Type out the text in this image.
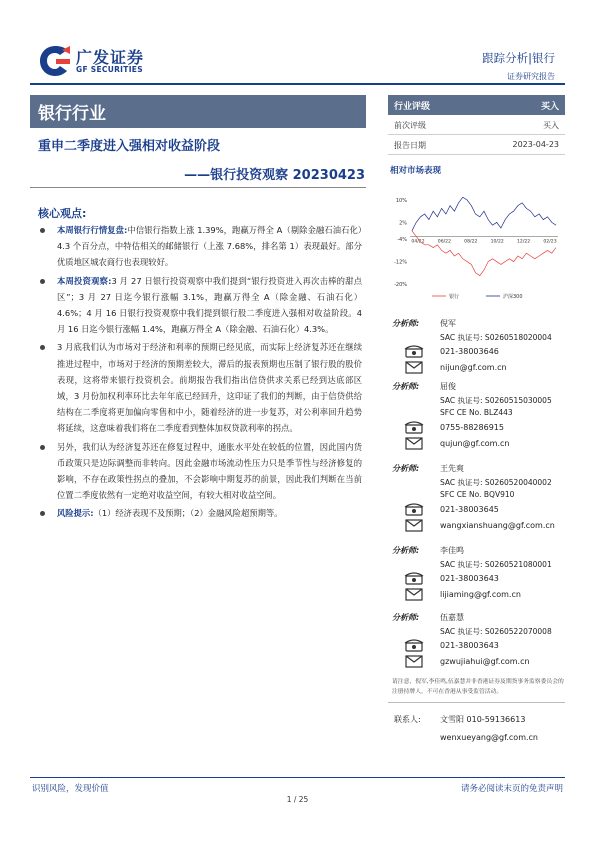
广发证券
GF SECURITIES
跟踪分析|银行
证券研究报告
银行行业
重申二季度进入强相对收益阶段
——银行投资观察 20230423
核心观点:
本周银行行情复盘:中信银行指数上涨 1.39%，跑赢万得全 A（剔除金融石油石化）4.3 个百分点，中特估相关的邮储银行（上涨 7.68%，排名第 1）表现最好。部分优质地区城农商行也表现较好。
本周投资观察:3 月 27 日银行投资观察中我们提到“银行投资进入再次击棒的甜点区”；3 月 27 日迄今银行涨幅 3.1%，跑赢万得全 A（除金融、石油石化）4.6%；4 月 16 日银行投资观察中我们提到银行股二季度进入强相对收益阶段。4 月 16 日迄今银行涨幅 1.4%，跑赢万得全 A（除金融、石油石化）4.3%。
3 月底我们认为市场对于经济和利率的预期已经见底，而实际上经济复苏还在继续推进过程中，市场对于经济的预期差较大，滞后的报表预期也压制了银行股的股价表现，这将带来银行投资机会。前期报告我们指出信贷供求关系已经到达底部区域，3 月份加权利率环比去年年底已经回升，这印证了我们的判断，由于信贷供给结构在二季度将更加偏向零售和中小，随着经济的进一步复苏，对公利率回升趋势将延续，这意味着我们将在二季度看到整体加权贷款利率的拐点。
另外，我们认为经济复苏还在修复过程中，通胀水平处在较低的位置，因此国内货币政策只是边际调整而非转向。因此金融市场流动性压力只是季节性与经济修复的影响，不存在政策性拐点的叠加，不会影响中期复苏的前景，因此我们判断在当前位置二季度依然有一定绝对收益空间，有较大相对收益空间。
风险提示:（1）经济表现不及预期；（2）金融风险超预期等。
行业评级	买入
前次评级	买入
报告日期	2023-04-23
相对市场表现
10%
2%
-4%
-12%
-20%
04/22	06/22	08/22	10/22	12/22	02/23
银行	沪深300
分析师:	倪军
SAC 执证号: S0260518020004
021-38003646
nijun@gf.com.cn
分析师:	屈俊
SAC 执证号: S0260515030005
SFC CE No. BLZ443
0755-88286915
qujun@gf.com.cn
分析师:	王先爽
SAC 执证号: S0260520040002
SFC CE No. BQV910
021-38003645
wangxianshuang@gf.com.cn
分析师:	李佳鸣
SAC 执证号: S0260521080001
021-38003643
lijiaming@gf.com.cn
分析师:	伍嘉慧
SAC 执证号: S0260522070008
021-38003643
gzwujiahui@gf.com.cn
请注意，倪军,李佳鸣,伍嘉慧并非香港证券及期货事务监察委员会的注册持牌人，不可在香港从事受监管活动。
联系人: 文雪阳 010-59136613
wenxueyang@gf.com.cn
识别风险，发现价值	请务必阅读末页的免责声明
1 / 25
